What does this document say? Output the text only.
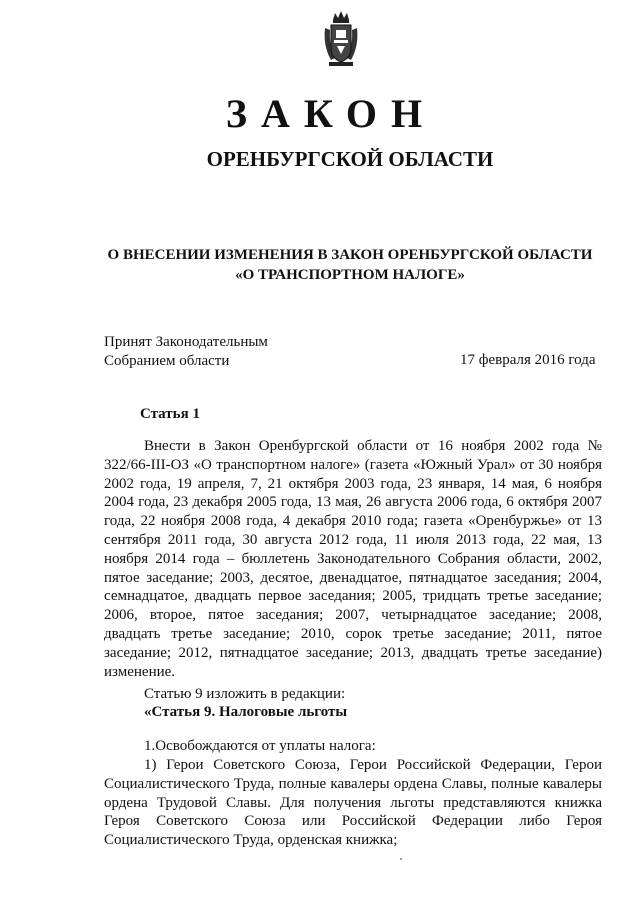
ЗАКОН
ОРЕНБУРГСКОЙ ОБЛАСТИ
О ВНЕСЕНИИ ИЗМЕНЕНИЯ В ЗАКОН ОРЕНБУРГСКОЙ ОБЛАСТИ
«О ТРАНСПОРТНОМ НАЛОГЕ»
Принят Законодательным
Собранием области	17 февраля 2016 года
Статья 1
Внести в Закон Оренбургской области от 16 ноября 2002 года № 322/66-III-ОЗ «О транспортном налоге» (газета «Южный Урал» от 30 ноября 2002 года, 19 апреля, 7, 21 октября 2003 года, 23 января, 14 мая, 6 ноября 2004 года, 23 декабря 2005 года, 13 мая, 26 августа 2006 года, 6 октября 2007 года, 22 ноября 2008 года, 4 декабря 2010 года; газета «Оренбуржье» от 13 сентября 2011 года, 30 августа 2012 года, 11 июля 2013 года, 22 мая, 13 ноября 2014 года – бюллетень Законодательного Собрания области, 2002, пятое заседание; 2003, десятое, двенадцатое, пятнадцатое заседания; 2004, семнадцатое, двадцать первое заседания; 2005, тридцать третье заседание; 2006, второе, пятое заседания; 2007, четырнадцатое заседание; 2008, двадцать третье заседание; 2010, сорок третье заседание; 2011, пятое заседание; 2012, пятнадцатое заседание; 2013, двадцать третье заседание) изменение.
Статью 9 изложить в редакции:
«Статья 9. Налоговые льготы
1.Освобождаются от уплаты налога:
1) Герои Советского Союза, Герои Российской Федерации, Герои Социалистического Труда, полные кавалеры ордена Славы, полные кавалеры ордена Трудовой Славы. Для получения льготы представляются книжка Героя Советского Союза или Российской Федерации либо Героя Социалистического Труда, орденская книжка;
